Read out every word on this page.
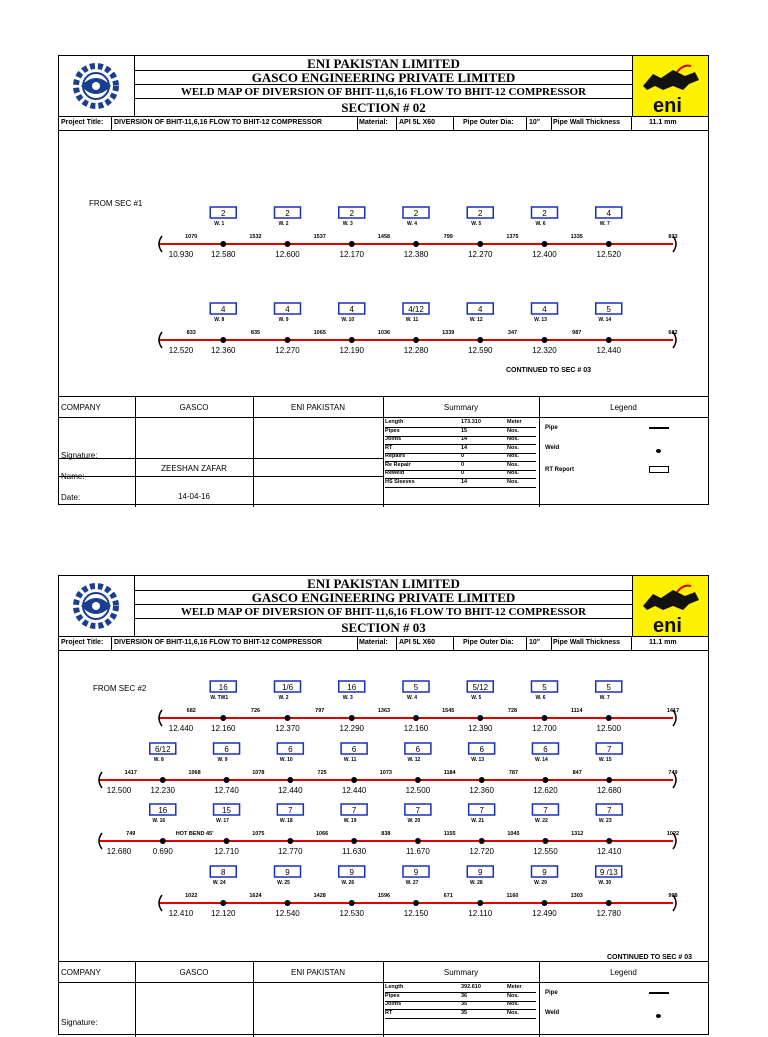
ENI PAKISTAN LIMITED
GASCO ENGINEERING PRIVATE LIMITED
WELD MAP OF DIVERSION OF BHIT-11,6,16 FLOW TO BHIT-12 COMPRESSOR
SECTION # 02	eni
Project Title: DIVERSION OF BHIT-11,6,16 FLOW TO BHIT-12 COMPRESSOR	Material: API 5L X60	Pipe Outer Dia: 10" Pipe Wall Thickness	11.1 mm
FROM SEC #1
2
W. 1
2
W. 2
2
W. 3
2
W. 4
2
W. 5
2
W. 6
4
W. 7
1070	1532	1537	1458	799	1375	1335	833
10.930 12.580	12.600	12.170	12.380	12.270	12.400	12.520
4
W. 8
4
W. 9
4
W. 10
4/12
W. 11
4
W. 12
4
W. 13
5
W. 14
833	835	1065	1036	1339	347	987	682
12.520 12.360	12.270	12.190	12.280	12.590	12.320	12.440
CONTINUED TO SEC # 03
COMPANY	GASCO	ENI PAKISTAN
Signature:
Name:
ZEESHAN ZAFAR
Date:	14-04-16
Summary	Legend
Length	173.310	Meter
Pipes	15	Nos.
Joints	14	Nos.
RT	14	Nos.
Repairs	0	Nos.
Re Repair	0	Nos.
Reweld	0	Nos.
HS Sleeves	14	Nos.
Pipe
Weld
RT Report
ENI PAKISTAN LIMITED
GASCO ENGINEERING PRIVATE LIMITED
WELD MAP OF DIVERSION OF BHIT-11,6,16 FLOW TO BHIT-12 COMPRESSOR
SECTION # 03	eni
Project Title: DIVERSION OF BHIT-11,6,16 FLOW TO BHIT-12 COMPRESSOR	Material: API 5L X60	Pipe Outer Dia: 10" Pipe Wall Thickness	11.1 mm
FROM SEC #2	16
W. TW1
1/6
W. 2
16
W. 3
5
W. 4
5/12
W. 5
5
W. 6
5
W. 7
682	726	797	1363	1545	728	1114	1417
12.440 12.160	12.370	12.290	12.160	12.390	12.700	12.500
6/12
W. 8
6
W. 9
6
W. 10
6
W. 11
6
W. 12
6
W. 13
6
W. 14
7
W. 15
1417	1068	1078	725	1073	1184	787	847	749
12.500 12.230	12.740	12.440	12.440	12.500	12.360	12.620	12.680
16
W. 16
15
W. 17
7
W. 18
7
W. 19
7
W. 20
7
W. 21
7
W. 22
7
W. 23
749	HOT BEND 45'	1075	1066	838	1155	1045	1312	1022
12.680	0.690	12.710	12.770	11.630	11.670	12.720	12.550	12.410
8
W. 24
9
W. 25
9
W. 26
9
W. 27
9
W. 28
9
W. 29
9 /13
W. 30
1022	1624	1428	1596	671	1160	1303	998
12.410 12.120	12.540	12.530	12.150	12.110	12.490	12.780
CONTINUED TO SEC # 03
COMPANY	GASCO	ENI PAKISTAN
Signature:
Summary	Legend
Length	392.610	Meter
Pipes	36	Nos.
Joints	35	Nos.
RT	35	Nos.
Pipe
Weld
